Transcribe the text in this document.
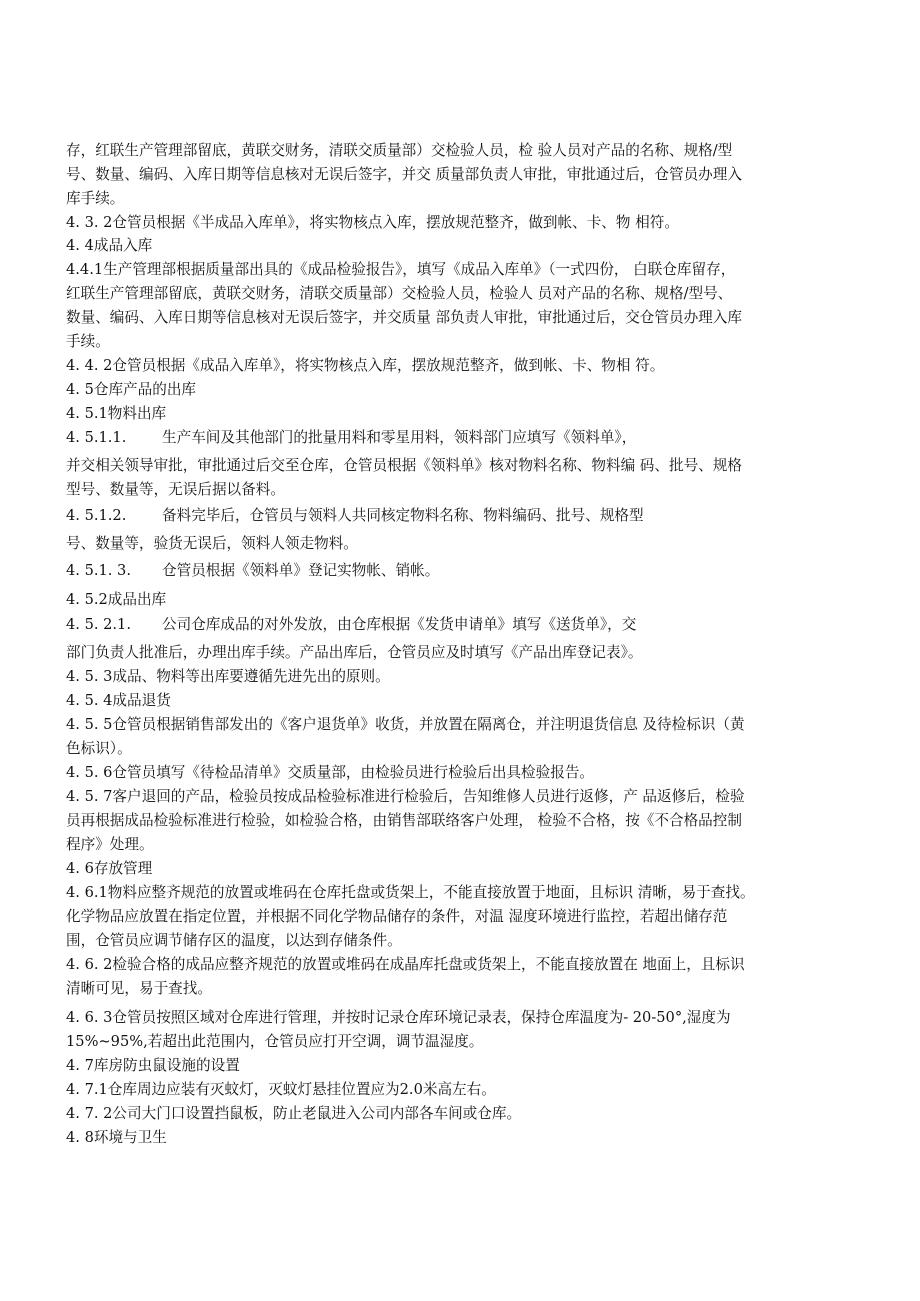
存，红联生产管理部留底，黄联交财务，清联交质量部）交检验人员，检 验人员对产品的名称、规格/型
号、数量、编码、入库日期等信息核对无误后签字，并交 质量部负责人审批，审批通过后，仓管员办理入
库手续。
4. 3. 2仓管员根据《半成品入库单》，将实物核点入库，摆放规范整齐，做到帐、卡、物 相符。
4. 4成品入库
4.4.1生产管理部根据质量部出具的《成品检验报告》，填写《成品入库单》（一式四份， 白联仓库留存，
红联生产管理部留底，黄联交财务，清联交质量部）交检验人员，检验人 员对产品的名称、规格/型号、
数量、编码、入库日期等信息核对无误后签字，并交质量 部负责人审批，审批通过后，交仓管员办理入库
手续。
4. 4. 2仓管员根据《成品入库单》，将实物核点入库，摆放规范整齐，做到帐、卡、物相 符。
4. 5仓库产品的出库
4. 5.1物料出库
4. 5.1.1. 生产车间及其他部门的批量用料和零星用料，领料部门应填写《领料单》，
并交相关领导审批，审批通过后交至仓库，仓管员根据《领料单》核对物料名称、物料编 码、批号、规格
型号、数量等，无误后据以备料。
4. 5.1.2. 备料完毕后，仓管员与领料人共同核定物料名称、物料编码、批号、规格型
号、数量等，验货无误后，领料人领走物料。
4. 5.1. 3. 仓管员根据《领料单》登记实物帐、销帐。
4. 5.2成品出库
4. 5. 2.1. 公司仓库成品的对外发放，由仓库根据《发货申请单》填写《送货单》，交
部门负责人批准后，办理出库手续。产品出库后，仓管员应及时填写《产品出库登记表》。
4. 5. 3成品、物料等出库要遵循先进先出的原则。
4. 5. 4成品退货
4. 5. 5仓管员根据销售部发出的《客户退货单》收货，并放置在隔离仓，并注明退货信息 及待检标识（黄
色标识）。
4. 5. 6仓管员填写《待检品清单》交质量部，由检验员进行检验后出具检验报告。
4. 5. 7客户退回的产品，检验员按成品检验标准进行检验后，告知维修人员进行返修，产 品返修后，检验
员再根据成品检验标准进行检验，如检验合格，由销售部联络客户处理， 检验不合格，按《不合格品控制
程序》处理。
4. 6存放管理
4. 6.1物料应整齐规范的放置或堆码在仓库托盘或货架上，不能直接放置于地面，且标识 清晰，易于查找。
化学物品应放置在指定位置，并根据不同化学物品储存的条件，对温 湿度环境进行监控，若超出储存范
围，仓管员应调节储存区的温度，以达到存储条件。
4. 6. 2检验合格的成品应整齐规范的放置或堆码在成晶库托盘或货架上，不能直接放置在 地面上，且标识
清晰可见，易于查找。
4. 6. 3仓管员按照区域对仓库进行管理，并按时记录仓库环境记录表，保持仓库温度为- 20-50°,湿度为
15%~95%,若超出此范围内，仓管员应打开空调，调节温湿度。
4. 7库房防虫鼠设施的设置
4. 7.1仓库周边应装有灭蚊灯，灭蚊灯悬挂位置应为2.0米高左右。
4. 7. 2公司大门口设置挡鼠板，防止老鼠进入公司内部各车间或仓库。
4. 8环境与卫生
